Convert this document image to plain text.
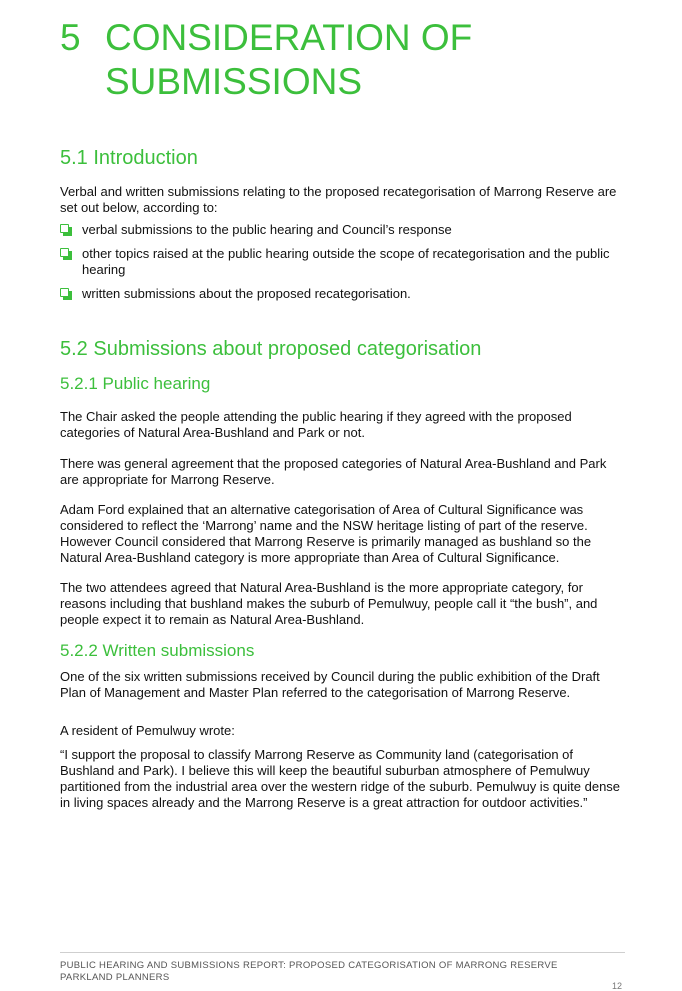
5 CONSIDERATION OF SUBMISSIONS
5.1 Introduction

Verbal and written submissions relating to the proposed recategorisation of Marrong Reserve are set out below, according to:

verbal submissions to the public hearing and Council’s response
other topics raised at the public hearing outside the scope of recategorisation and the public hearing
written submissions about the proposed recategorisation.
5.2 Submissions about proposed categorisation
5.2.1 Public hearing

The Chair asked the people attending the public hearing if they agreed with the proposed categories of Natural Area-Bushland and Park or not.

There was general agreement that the proposed categories of Natural Area-Bushland and Park are appropriate for Marrong Reserve.

Adam Ford explained that an alternative categorisation of Area of Cultural Significance was considered to reflect the ‘Marrong’ name and the NSW heritage listing of part of the reserve. However Council considered that Marrong Reserve is primarily managed as bushland so the Natural Area-Bushland category is more appropriate than Area of Cultural Significance.

The two attendees agreed that Natural Area-Bushland is the more appropriate category, for reasons including that bushland makes the suburb of Pemulwuy, people call it “the bush”, and people expect it to remain as Natural Area-Bushland.

5.2.2 Written submissions

One of the six written submissions received by Council during the public exhibition of the Draft Plan of Management and Master Plan referred to the categorisation of Marrong Reserve.

A resident of Pemulwuy wrote:

“I support the proposal to classify Marrong Reserve as Community land (categorisation of Bushland and Park). I believe this will keep the beautiful suburban atmosphere of Pemulwuy partitioned from the industrial area over the western ridge of the suburb. Pemulwuy is quite dense in living spaces already and the Marrong Reserve is a great attraction for outdoor activities.”

PUBLIC HEARING AND SUBMISSIONS REPORT: PROPOSED CATEGORISATION OF MARRONG RESERVE
PARKLAND PLANNERS
12
